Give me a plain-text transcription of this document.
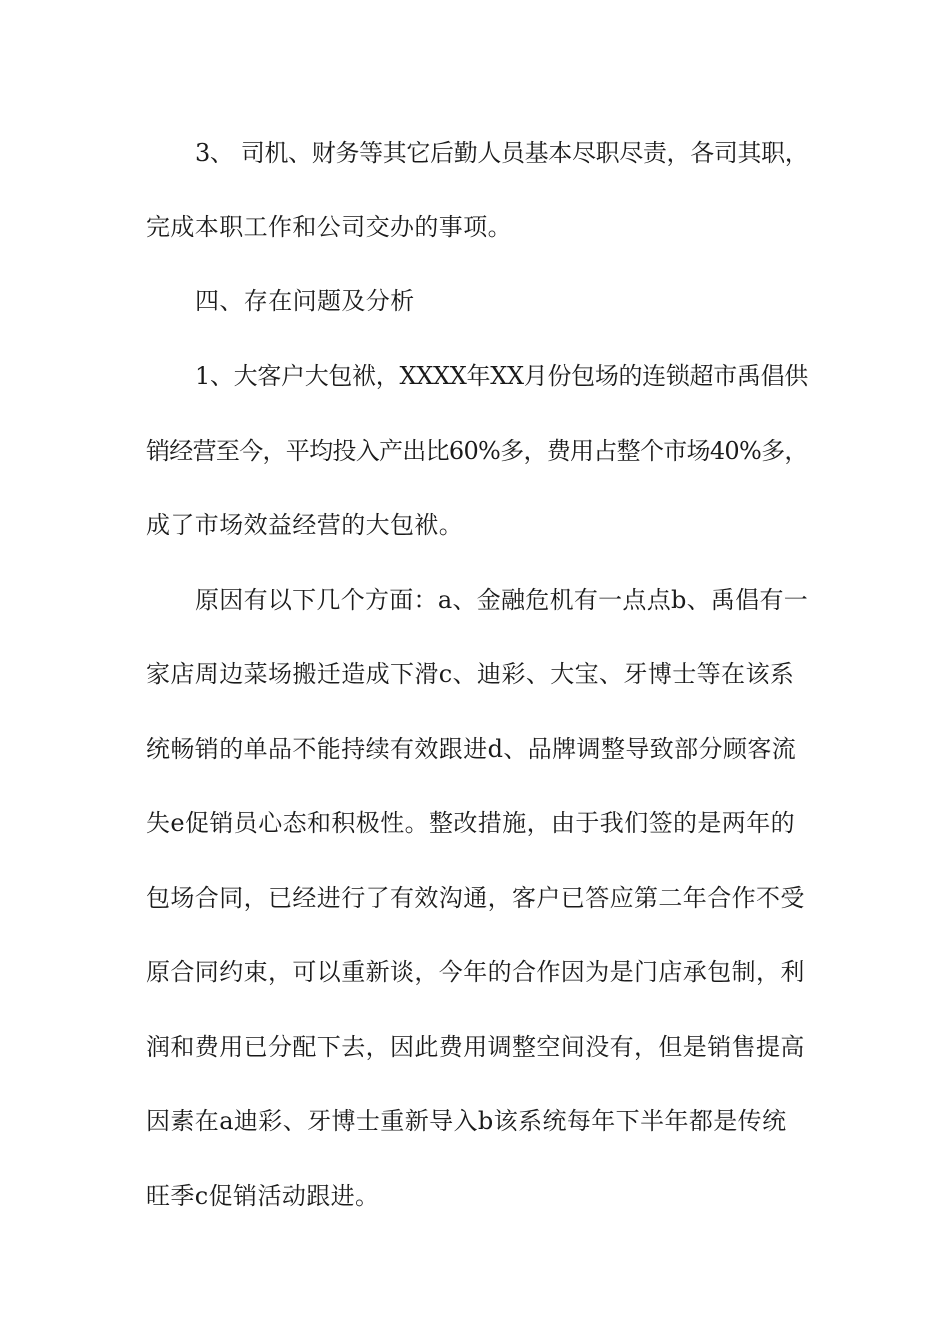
3、 司机、财务等其它后勤人员基本尽职尽责，各司其职，
完成本职工作和公司交办的事项。
四、存在问题及分析
1、大客户大包袱，XXXX年XX月份包场的连锁超市禹倡供
销经营至今，平均投入产出比60%多，费用占整个市场40%多，
成了市场效益经营的大包袱。
原因有以下几个方面：a、金融危机有一点点b、禹倡有一
家店周边菜场搬迁造成下滑c、迪彩、大宝、牙博士等在该系
统畅销的单品不能持续有效跟进d、品牌调整导致部分顾客流
失e促销员心态和积极性。整改措施，由于我们签的是两年的
包场合同，已经进行了有效沟通，客户已答应第二年合作不受
原合同约束，可以重新谈，今年的合作因为是门店承包制，利
润和费用已分配下去，因此费用调整空间没有，但是销售提高
因素在a迪彩、牙博士重新导入b该系统每年下半年都是传统
旺季c促销活动跟进。
